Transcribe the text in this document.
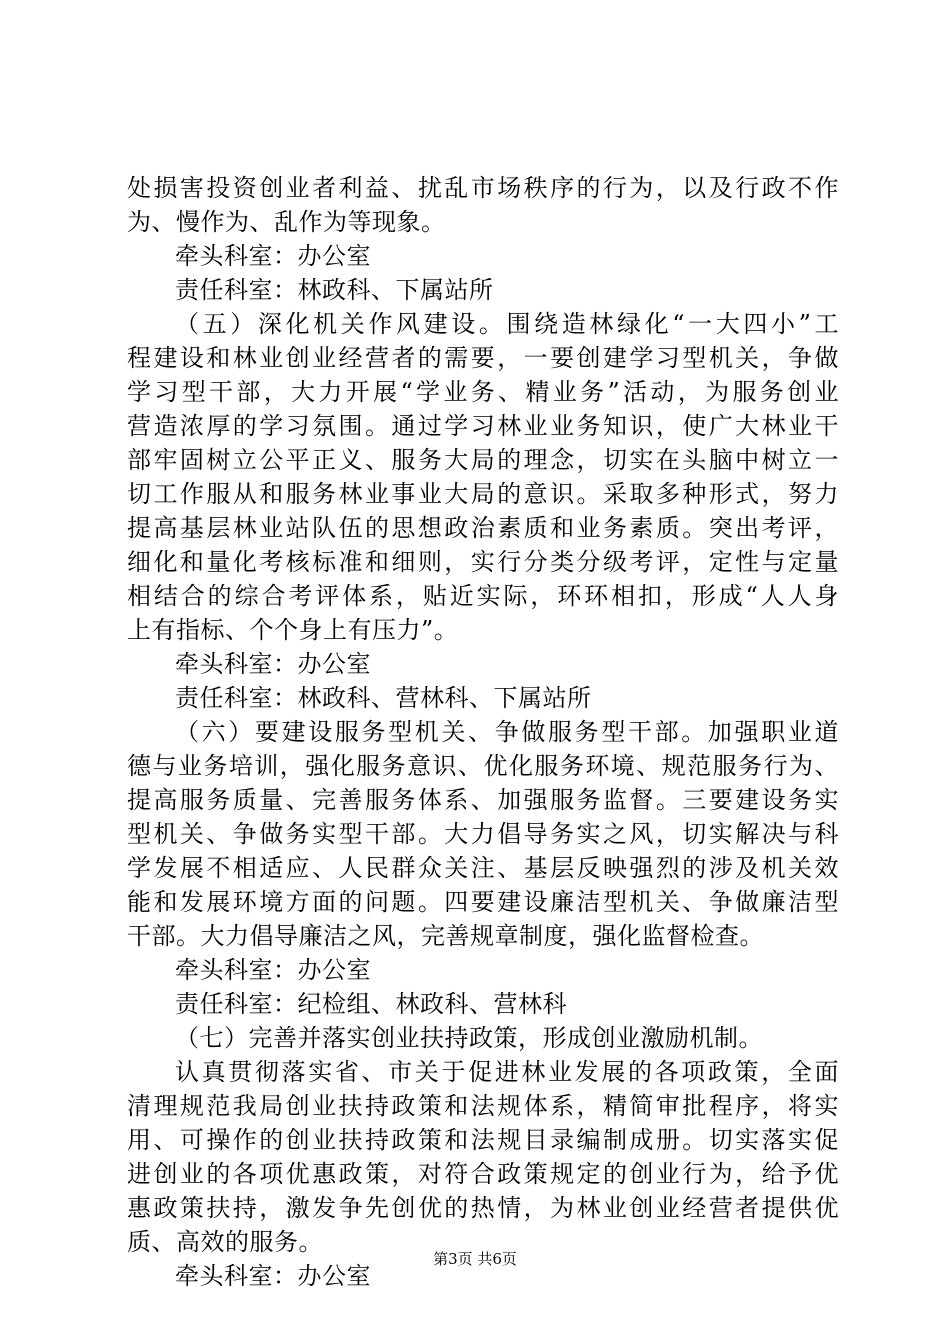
处损害投资创业者利益、扰乱市场秩序的行为，以及行政不作
为、慢作为、乱作为等现象。
牵头科室：办公室
责任科室：林政科、下属站所
（五）深化机关作风建设。围绕造林绿化“一大四小”工
程建设和林业创业经营者的需要，一要创建学习型机关，争做
学习型干部，大力开展“学业务、精业务”活动，为服务创业
营造浓厚的学习氛围。通过学习林业业务知识，使广大林业干
部牢固树立公平正义、服务大局的理念，切实在头脑中树立一
切工作服从和服务林业事业大局的意识。采取多种形式，努力
提高基层林业站队伍的思想政治素质和业务素质。突出考评，
细化和量化考核标准和细则，实行分类分级考评，定性与定量
相结合的综合考评体系，贴近实际，环环相扣，形成“人人身
上有指标、个个身上有压力”。
牵头科室：办公室
责任科室：林政科、营林科、下属站所
（六）要建设服务型机关、争做服务型干部。加强职业道
德与业务培训，强化服务意识、优化服务环境、规范服务行为、
提高服务质量、完善服务体系、加强服务监督。三要建设务实
型机关、争做务实型干部。大力倡导务实之风，切实解决与科
学发展不相适应、人民群众关注、基层反映强烈的涉及机关效
能和发展环境方面的问题。四要建设廉洁型机关、争做廉洁型
干部。大力倡导廉洁之风，完善规章制度，强化监督检查。
牵头科室：办公室
责任科室：纪检组、林政科、营林科
（七）完善并落实创业扶持政策，形成创业激励机制。
认真贯彻落实省、市关于促进林业发展的各项政策，全面
清理规范我局创业扶持政策和法规体系，精简审批程序，将实
用、可操作的创业扶持政策和法规目录编制成册。切实落实促
进创业的各项优惠政策，对符合政策规定的创业行为，给予优
惠政策扶持，激发争先创优的热情，为林业创业经营者提供优
质、高效的服务。
牵头科室：办公室
第3页 共6页
